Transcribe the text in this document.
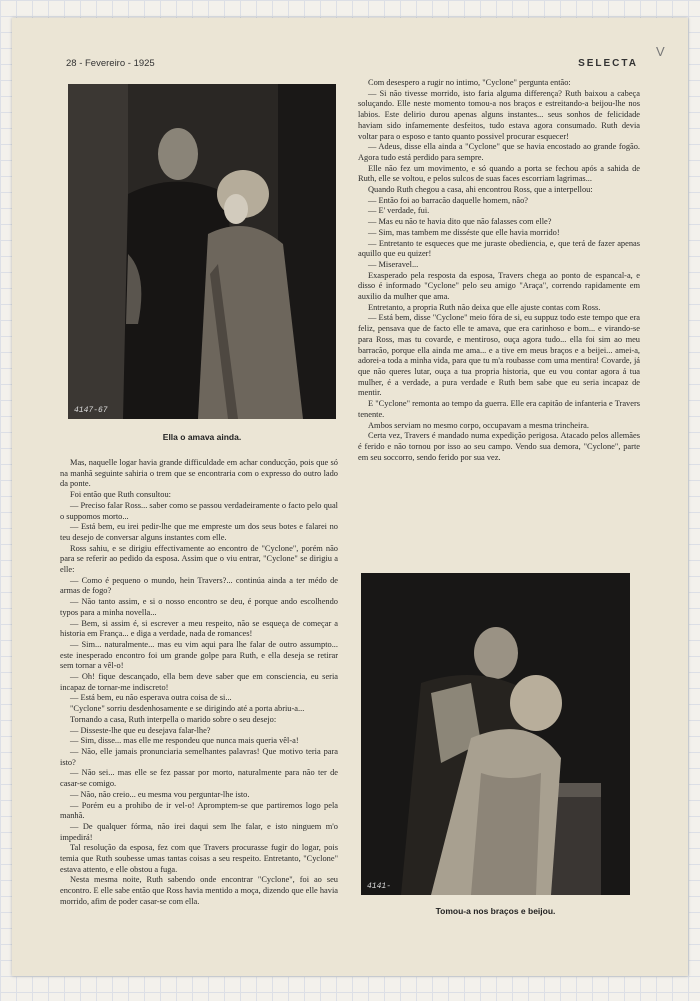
28 - Fevereiro - 1925	SELECTA
V
4147-67
Ella o amava ainda.

Mas, naquelle logar havia grande difficuldade em achar conducção, pois que só na manhã seguinte sahiria o trem que se encontraria com o expresso do outro lado da ponte.

Foi então que Ruth consultou:

— Preciso falar Ross... saber como se passou verdadeiramente o facto pelo qual o suppomos morto...

— Está bem, eu irei pedir-lhe que me empreste um dos seus botes e falarei no teu desejo de conversar alguns instantes com elle.

Ross sahiu, e se dirigiu effectivamente ao encontro de "Cyclone", porém não para se referir ao pedido da esposa. Assim que o viu entrar, "Cyclone" se dirigiu a elle:

— Como é pequeno o mundo, hein Travers?... continúa ainda a ter médo de armas de fogo?

— Não tanto assim, e si o nosso encontro se deu, é porque ando escolhendo typos para a minha novella...

— Bem, si assim é, si escrever a meu respeito, não se esqueça de começar a historia em França... e diga a verdade, nada de romances!

— Sim... naturalmente... mas eu vim aqui para lhe falar de outro assumpto... este inesperado encontro foi um grande golpe para Ruth, e ella deseja se retirar sem tornar a vêl-o!

— Oh! fique descançado, ella bem deve saber que em consciencia, eu seria incapaz de tornar-me indiscreto!

— Está bem, eu não esperava outra coisa de si...

"Cyclone" sorriu desdenhosamente e se dirigindo até a porta abriu-a...

Tornando a casa, Ruth interpella o marido sobre o seu desejo:

— Disseste-lhe que eu desejava falar-lhe?

— Sim, disse... mas elle me respondeu que nunca mais queria vêl-a!

— Não, elle jamais pronunciaria semelhantes palavras! Que motivo teria para isto?

— Não sei... mas elle se fez passar por morto, naturalmente para não ter de casar-se comigo.

— Não, não creio... eu mesma vou perguntar-lhe isto.

— Porém eu a prohibo de ir vel-o! Apromptem-se que partiremos logo pela manhã.

— De qualquer fórma, não irei daqui sem lhe falar, e isto ninguem m'o impedirá!

Tal resolução da esposa, fez com que Travers procurasse fugir do logar, pois temia que Ruth soubesse umas tantas coisas a seu respeito. Entretanto, "Cyclone" estava attento, e elle obstou a fuga.

Nesta mesma noite, Ruth sabendo onde encontrar "Cyclone", foi ao seu encontro. E elle sabe então que Ross havia mentido a moça, dizendo que elle havia morrido, afim de poder casar-se com ella.

Com desespero a rugir no intimo, "Cyclone" pergunta então:

— Si não tivesse morrido, isto faria alguma differença? Ruth baixou a cabeça soluçando. Elle neste momento tomou-a nos braços e estreitando-a beijou-lhe nos labios. Este delirio durou apenas alguns instantes... seus sonhos de felicidade haviam sido infamemente desfeitos, tudo estava agora consumado. Ruth devia voltar para o esposo e tanto quanto possivel procurar esquecer!

— Adeus, disse ella ainda a "Cyclone" que se havia encostado ao grande fogão. Agora tudo está perdido para sempre.

Elle não fez um movimento, e só quando a porta se fechou após a sahida de Ruth, elle se voltou, e pelos sulcos de suas faces escorriam lagrimas...

Quando Ruth chegou a casa, ahi encontrou Ross, que a interpellou:

— Então foi ao barracão daquelle homem, não?

— E' verdade, fui.

— Mas eu não te havia dito que não falasses com elle?

— Sim, mas tambem me disséste que elle havia morrido!

— Entretanto te esqueces que me juraste obediencia, e, que terá de fazer apenas aquillo que eu quizer!

— Miseravel...

Exasperado pela resposta da esposa, Travers chega ao ponto de espancal-a, e disso é informado "Cyclone" pelo seu amigo "Araça", correndo rapidamente em auxilio da mulher que ama.

Entretanto, a propria Ruth não deixa que elle ajuste contas com Ross.

— Está bem, disse "Cyclone" meio fóra de si, eu suppuz todo este tempo que era feliz, pensava que de facto elle te amava, que era carinhoso e bom... e virando-se para Ross, mas tu covarde, e mentiroso, ouça agora tudo... ella foi sim ao meu barracão, porque ella ainda me ama... e a tive em meus braços e a beijei... amei-a, adorei-a toda a minha vida, para que tu m'a roubasse com uma mentira! Covarde, já que não queres lutar, ouça a tua propria historia, que eu vou contar agora á tua mulher, é a verdade, a pura verdade e Ruth bem sabe que eu seria incapaz de mentir.

E "Cyclone" remonta ao tempo da guerra. Elle era capitão de infanteria e Travers tenente.

Ambos serviam no mesmo corpo, occupavam a mesma trincheira.

Certa vez, Travers é mandado numa expedição perigosa. Atacado pelos allemães é ferido e não tornou por isso ao seu campo. Vendo sua demora, "Cyclone", parte em seu soccorro, sendo ferido por sua vez.

4141-
Tomou-a nos braços e beijou.
